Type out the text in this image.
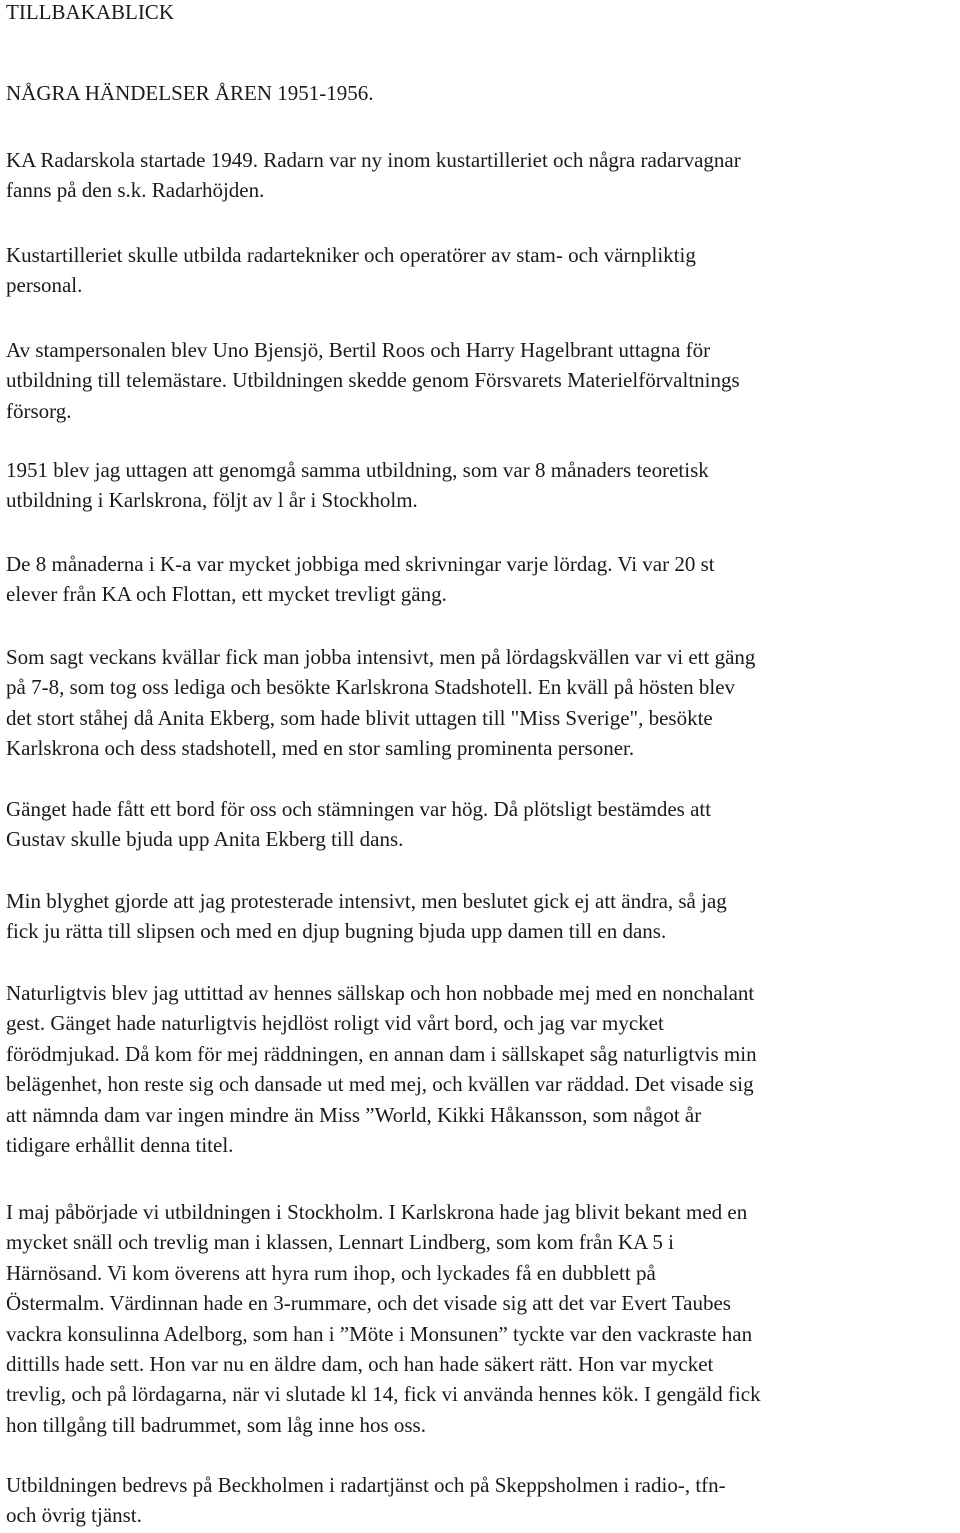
TILLBAKABLICK

NÅGRA HÄNDELSER ÅREN 1951-1956.

KA Radarskola startade 1949. Radarn var ny inom kustartilleriet och några radarvagnar
fanns på den s.k. Radarhöjden.

Kustartilleriet skulle utbilda radartekniker och operatörer av stam- och värnpliktig
personal.

Av stampersonalen blev Uno Bjensjö, Bertil Roos och Harry Hagelbrant uttagna för
utbildning till telemästare. Utbildningen skedde genom Försvarets Materielförvaltnings
försorg.

1951 blev jag uttagen att genomgå samma utbildning, som var 8 månaders teoretisk
utbildning i Karlskrona, följt av l år i Stockholm.

De 8 månaderna i K-a var mycket jobbiga med skrivningar varje lördag. Vi var 20 st
elever från KA och Flottan, ett mycket trevligt gäng.

Som sagt veckans kvällar fick man jobba intensivt, men på lördagskvällen var vi ett gäng
på 7-8, som tog oss lediga och besökte Karlskrona Stadshotell. En kväll på hösten blev
det stort ståhej då Anita Ekberg, som hade blivit uttagen till "Miss Sverige", besökte
Karlskrona och dess stadshotell, med en stor samling prominenta personer.

Gänget hade fått ett bord för oss och stämningen var hög. Då plötsligt bestämdes att
Gustav skulle bjuda upp Anita Ekberg till dans.

Min blyghet gjorde att jag protesterade intensivt, men beslutet gick ej att ändra, så jag
fick ju rätta till slipsen och med en djup bugning bjuda upp damen till en dans.

Naturligtvis blev jag uttittad av hennes sällskap och hon nobbade mej med en nonchalant
gest. Gänget hade naturligtvis hejdlöst roligt vid vårt bord, och jag var mycket
förödmjukad. Då kom för mej räddningen, en annan dam i sällskapet såg naturligtvis min
belägenhet, hon reste sig och dansade ut med mej, och kvällen var räddad. Det visade sig
att nämnda dam var ingen mindre än Miss ”World, Kikki Håkansson, som något år
tidigare erhållit denna titel.

I maj påbörjade vi utbildningen i Stockholm. I Karlskrona hade jag blivit bekant med en
mycket snäll och trevlig man i klassen, Lennart Lindberg, som kom från KA 5 i
Härnösand. Vi kom överens att hyra rum ihop, och lyckades få en dubblett på
Östermalm. Värdinnan hade en 3-rummare, och det visade sig att det var Evert Taubes
vackra konsulinna Adelborg, som han i ”Möte i Monsunen” tyckte var den vackraste han
dittills hade sett. Hon var nu en äldre dam, och han hade säkert rätt. Hon var mycket
trevlig, och på lördagarna, när vi slutade kl 14, fick vi använda hennes kök. I gengäld fick
hon tillgång till badrummet, som låg inne hos oss.

Utbildningen bedrevs på Beckholmen i radartjänst och på Skeppsholmen i radio-, tfn-
och övrig tjänst.
